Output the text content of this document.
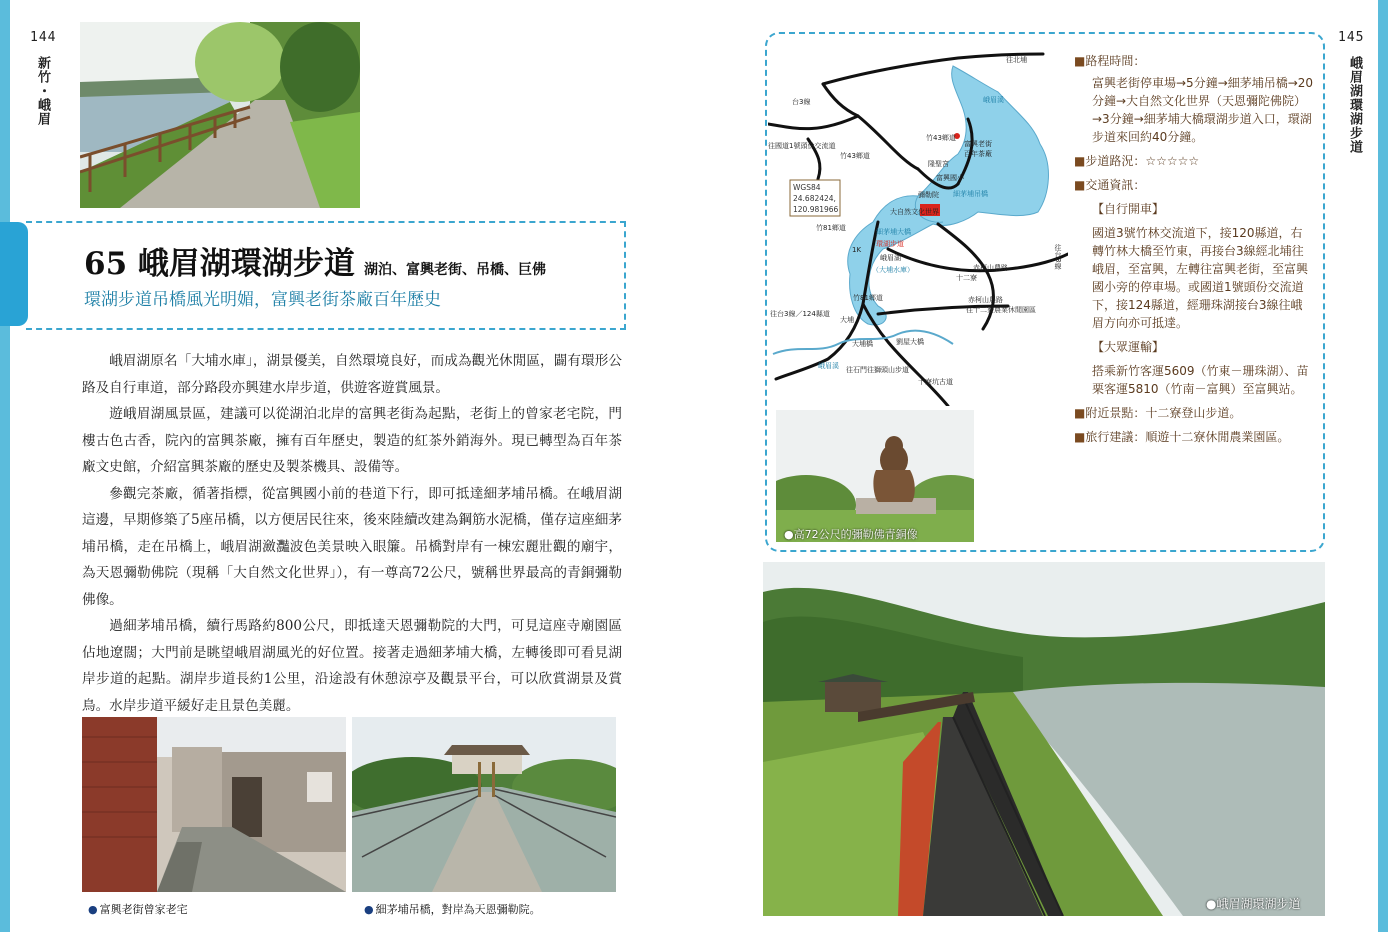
144
新竹・峨眉
65 峨眉湖環湖步道 湖泊、富興老街、吊橋、巨佛
環湖步道吊橋風光明媚，富興老街茶廠百年歷史

峨眉湖原名「大埔水庫」，湖景優美，自然環境良好，而成為觀光休閒區，闢有環形公路及自行車道，部分路段亦興建水岸步道，供遊客遊賞風景。

遊峨眉湖風景區，建議可以從湖泊北岸的富興老街為起點，老街上的曾家老宅院，門樓古色古香，院內的富興茶廠，擁有百年歷史，製造的紅茶外銷海外。現已轉型為百年茶廠文史館，介紹富興茶廠的歷史及製茶機具、設備等。

參觀完茶廠，循著指標，從富興國小前的巷道下行，即可抵達細茅埔吊橋。在峨眉湖這邊，早期修築了5座吊橋，以方便居民往來，後來陸續改建為鋼筋水泥橋，僅存這座細茅埔吊橋，走在吊橋上，峨眉湖瀲灩波色美景映入眼簾。吊橋對岸有一棟宏麗壯觀的廟宇，為天恩彌勒佛院（現稱「大自然文化世界」），有一尊高72公尺，號稱世界最高的青銅彌勒佛像。

過細茅埔吊橋，續行馬路約800公尺，即抵達天恩彌勒院的大門，可見這座寺廟園區佔地遼闊；大門前是眺望峨眉湖風光的好位置。接著走過細茅埔大橋，左轉後即可看見湖岸步道的起點。湖岸步道長約1公里，沿途設有休憩涼亭及觀景平台，可以欣賞湖景及賞鳥。水岸步道平緩好走且景色美麗。

● 富興老街曾家老宅	● 細茅埔吊橋，對岸為天恩彌勒院。
145
峨眉湖環湖步道
WGS84
24.682424,
120.981966
往北埔
台3線
竹43鄉道
竹43鄉道
往國道1號頭份交流道
峨眉溪
隆聖宮
富興老街
百年茶廠
富興國小
細茅埔吊橋
大自然文化世界
彌勒院
竹81鄉道
竹81鄉道
細茅埔大橋
環湖步道
峨眉湖
（大埔水庫）	赤柯山農路
赤柯山農路
十二寮
往十二寮農業休閒園區
往台3線／124縣道
大埔
大埔橋
峨眉溪 往石門往獅頭山步道
十寮坑古道
劉屋大橋
往台3線
1K
■路程時間：
富興老街停車場→5分鐘→細茅埔吊橋→20分鐘→大自然文化世界（天恩彌陀佛院）→3分鐘→細茅埔大橋環湖步道入口，環湖步道來回約40分鐘。
■步道路況：☆☆☆☆☆
■交通資訊：
【自行開車】
國道3號竹林交流道下，接120縣道，右轉竹林大橋至竹東，再接台3線經北埔往峨眉，至富興，左轉往富興老街，至富興國小旁的停車場。或國道1號頭份交流道下，接124縣道，經珊珠湖接台3線往峨眉方向亦可抵達。
【大眾運輸】
搭乘新竹客運5609（竹東－珊珠湖）、苗栗客運5810（竹南－富興）至富興站。
■附近景點：十二寮登山步道。
■旅行建議：順遊十二寮休閒農業園區。
●高72公尺的彌勒佛青銅像
●峨眉湖環湖步道
